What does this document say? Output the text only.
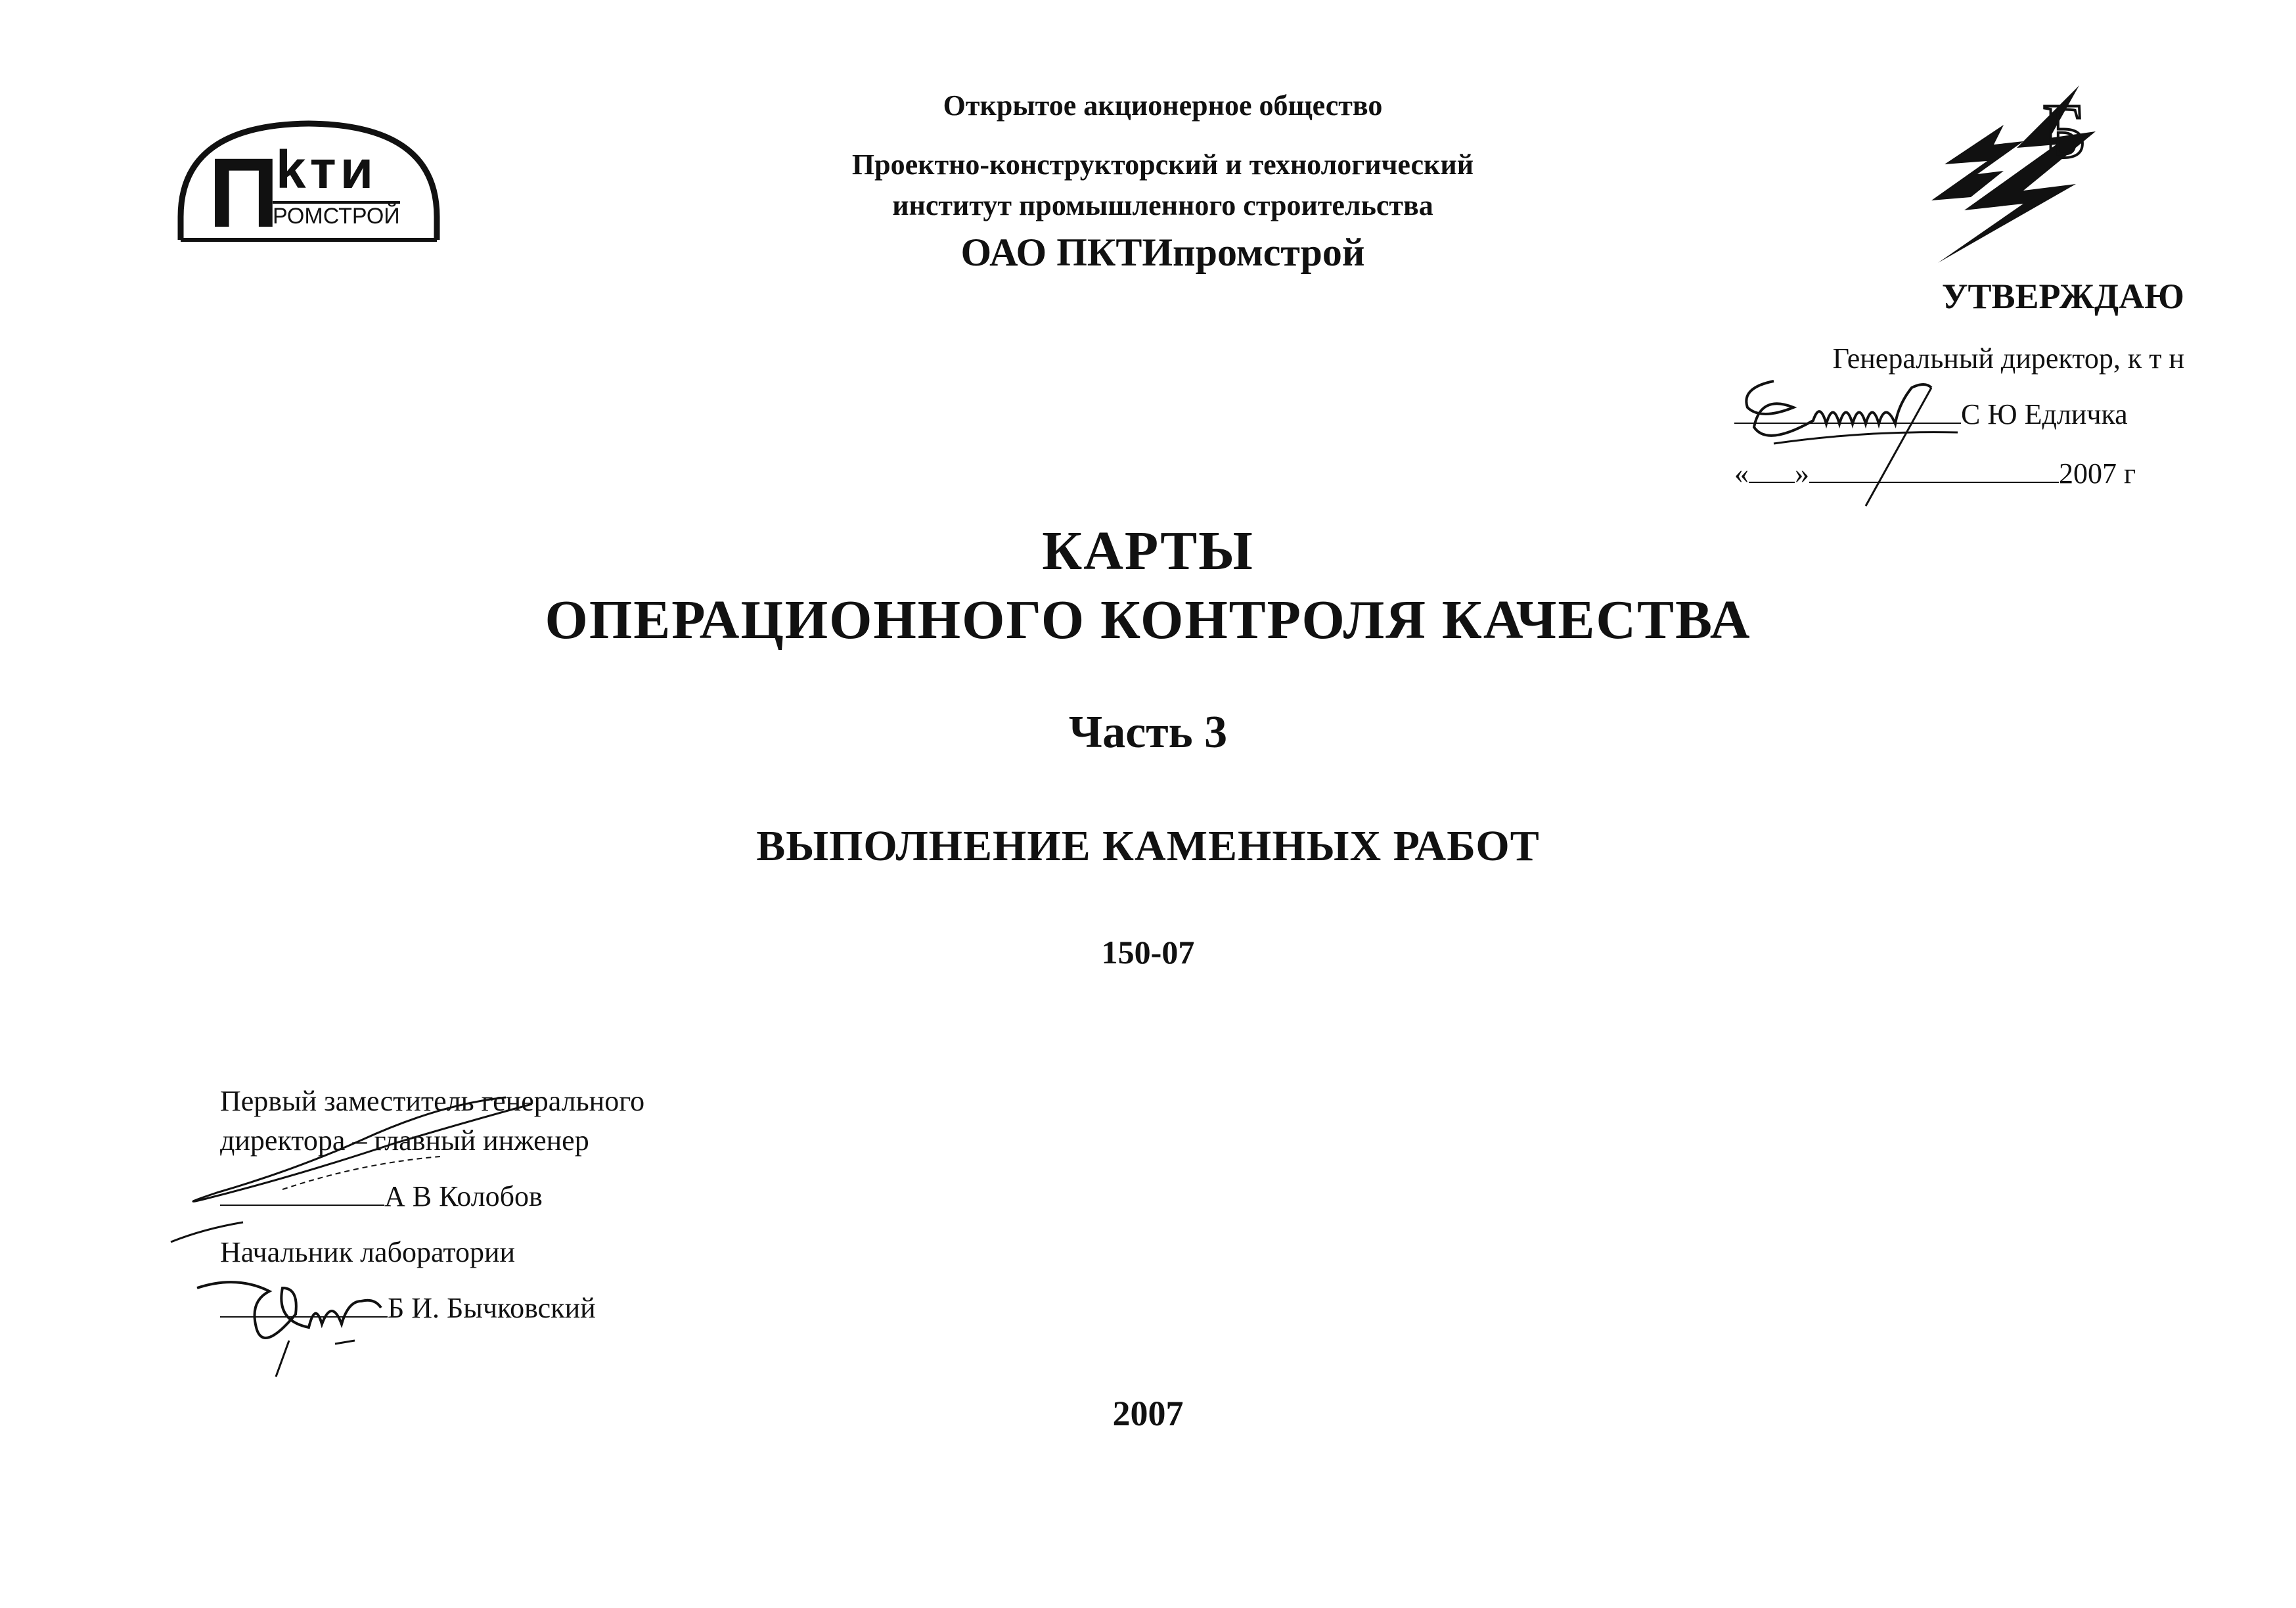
П
kти
РОМСТРОЙ
Открытое акционерное общество
Проектно-конструкторский и технологический
институт промышленного строительства
ОАО ПКТИпромстрой
Б
УТВЕРЖДАЮ
Генеральный директор, к т н
С Ю Едличка
« »	2007 г
КАРТЫ
ОПЕРАЦИОННОГО КОНТРОЛЯ КАЧЕСТВА
Часть 3
ВЫПОЛНЕНИЕ КАМЕННЫХ РАБОТ
150-07
Первый заместитель генерального
директора – главный инженер
А В Колобов
Начальник лаборатории
Б И. Бычковский
2007
